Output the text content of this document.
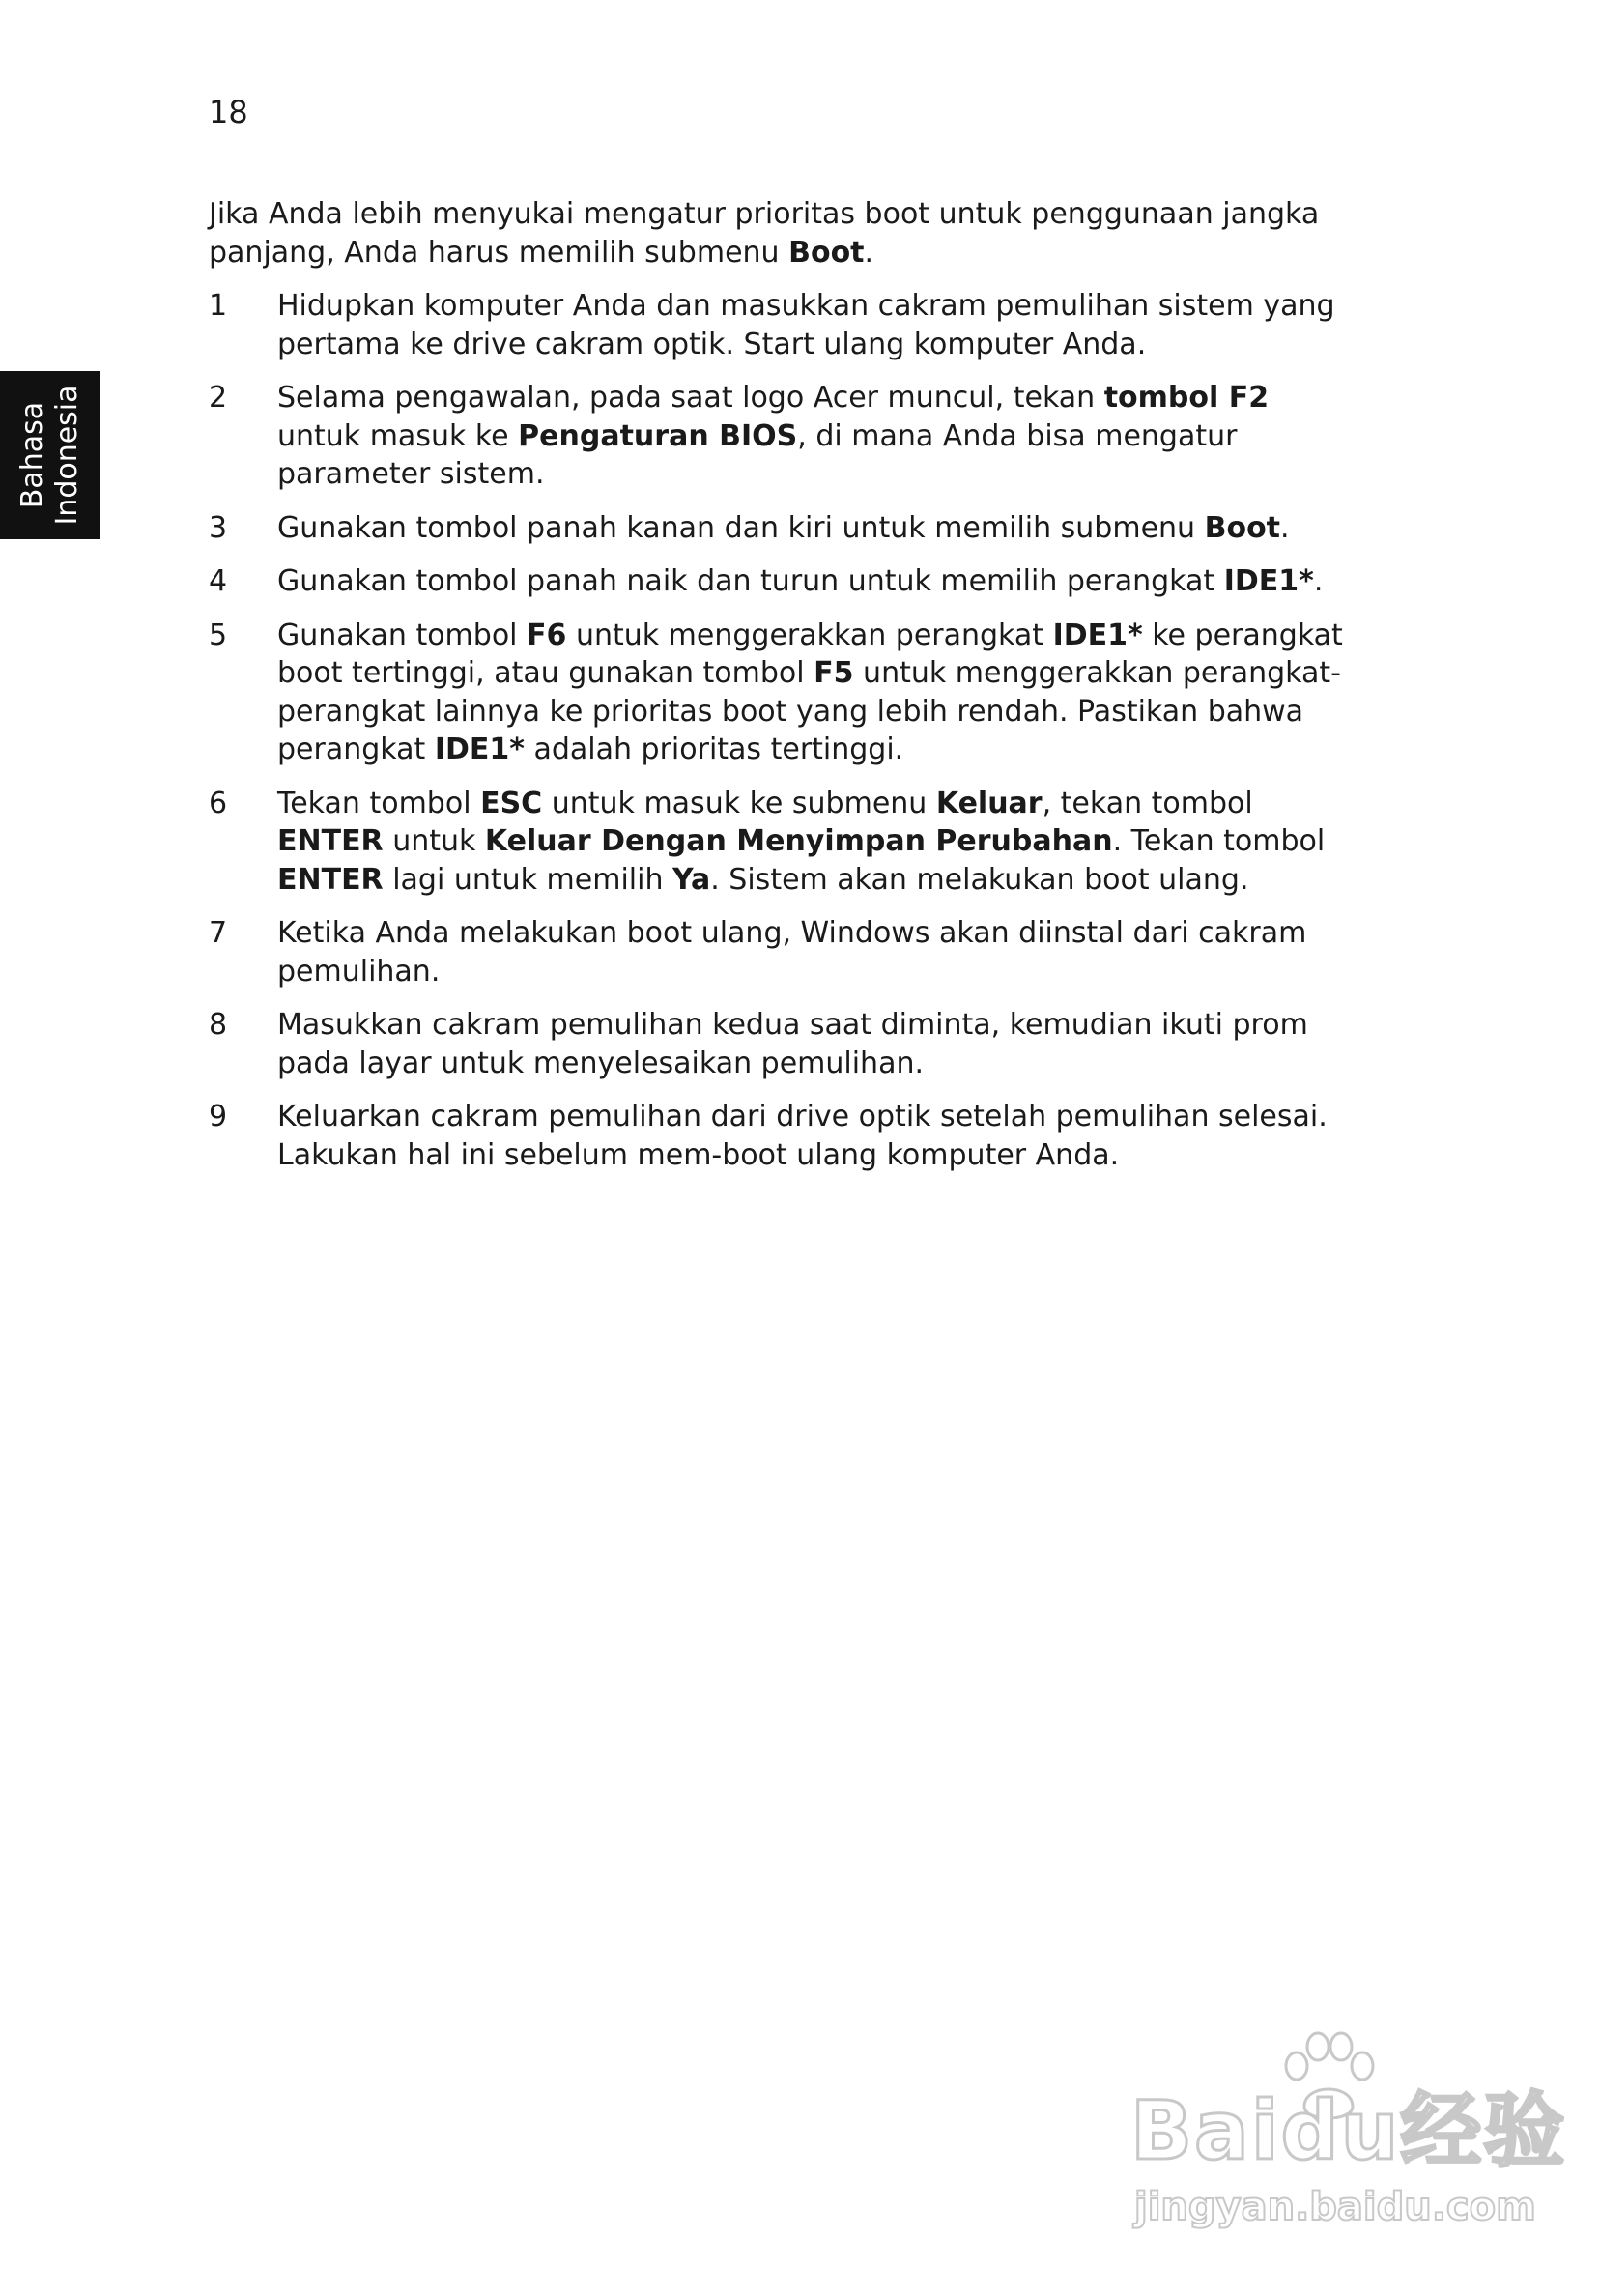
18
Bahasa Indonesia

Jika Anda lebih menyukai mengatur prioritas boot untuk penggunaan jangka panjang, Anda harus memilih submenu Boot.

1 Hidupkan komputer Anda dan masukkan cakram pemulihan sistem yang pertama ke drive cakram optik. Start ulang komputer Anda.
2 Selama pengawalan, pada saat logo Acer muncul, tekan tombol F2 untuk masuk ke Pengaturan BIOS, di mana Anda bisa mengatur parameter sistem.
3 Gunakan tombol panah kanan dan kiri untuk memilih submenu Boot.
4 Gunakan tombol panah naik dan turun untuk memilih perangkat IDE1*.
5 Gunakan tombol F6 untuk menggerakkan perangkat IDE1* ke perangkat boot tertinggi, atau gunakan tombol F5 untuk menggerakkan perangkat-perangkat lainnya ke prioritas boot yang lebih rendah. Pastikan bahwa perangkat IDE1* adalah prioritas tertinggi.
6 Tekan tombol ESC untuk masuk ke submenu Keluar, tekan tombol ENTER untuk Keluar Dengan Menyimpan Perubahan. Tekan tombol ENTER lagi untuk memilih Ya. Sistem akan melakukan boot ulang.
7 Ketika Anda melakukan boot ulang, Windows akan diinstal dari cakram pemulihan.
8 Masukkan cakram pemulihan kedua saat diminta, kemudian ikuti prom pada layar untuk menyelesaikan pemulihan.
9 Keluarkan cakram pemulihan dari drive optik setelah pemulihan selesai. Lakukan hal ini sebelum mem-boot ulang komputer Anda.
Baidu经验
jingyan.baidu.com
